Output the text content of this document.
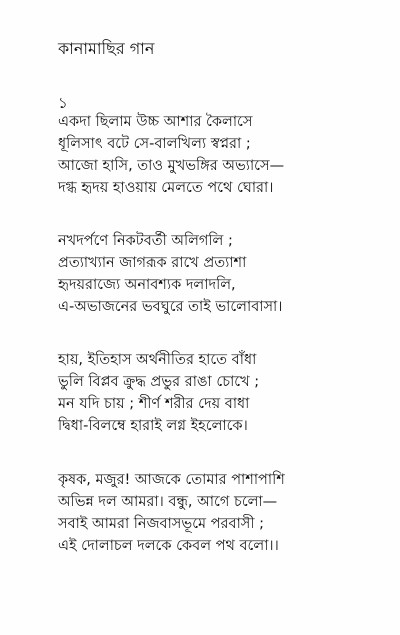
কানামাছির গান
১
একদা ছিলাম উচ্চ আশার কৈলাসে
ধূলিসাৎ বটে সে-বালখিল্য স্বপ্নরা ;
আজো হাসি, তাও মুখভঙ্গির অভ্যাসে—
দগ্ধ হৃদয় হাওয়ায় মেলতে পথে ঘোরা।
নখদর্পণে নিকটবর্তী অলিগলি ;
প্রত্যাখ্যান জাগরূক রাখে প্রত্যাশা
হৃদয়রাজ্যে অনাবশ্যক দলাদলি,
এ-অভাজনের ভবঘুরে তাই ভালোবাসা।
হায়, ইতিহাস অর্থনীতির হাতে বাঁধা
ভুলি বিপ্লব ক্রুদ্ধ প্রভুর রাঙা চোখে ;
মন যদি চায় ; শীর্ণ শরীর দেয় বাধা
দ্বিধা-বিলম্বে হারাই লগ্ন ইহলোকে।
কৃষক, মজুর! আজকে তোমার পাশাপাশি
অভিন্ন দল আমরা। বন্ধু, আগে চলো—
সবাই আমরা নিজবাসভূমে পরবাসী ;
এই দোলাচল দলকে কেবল পথ বলো।।
